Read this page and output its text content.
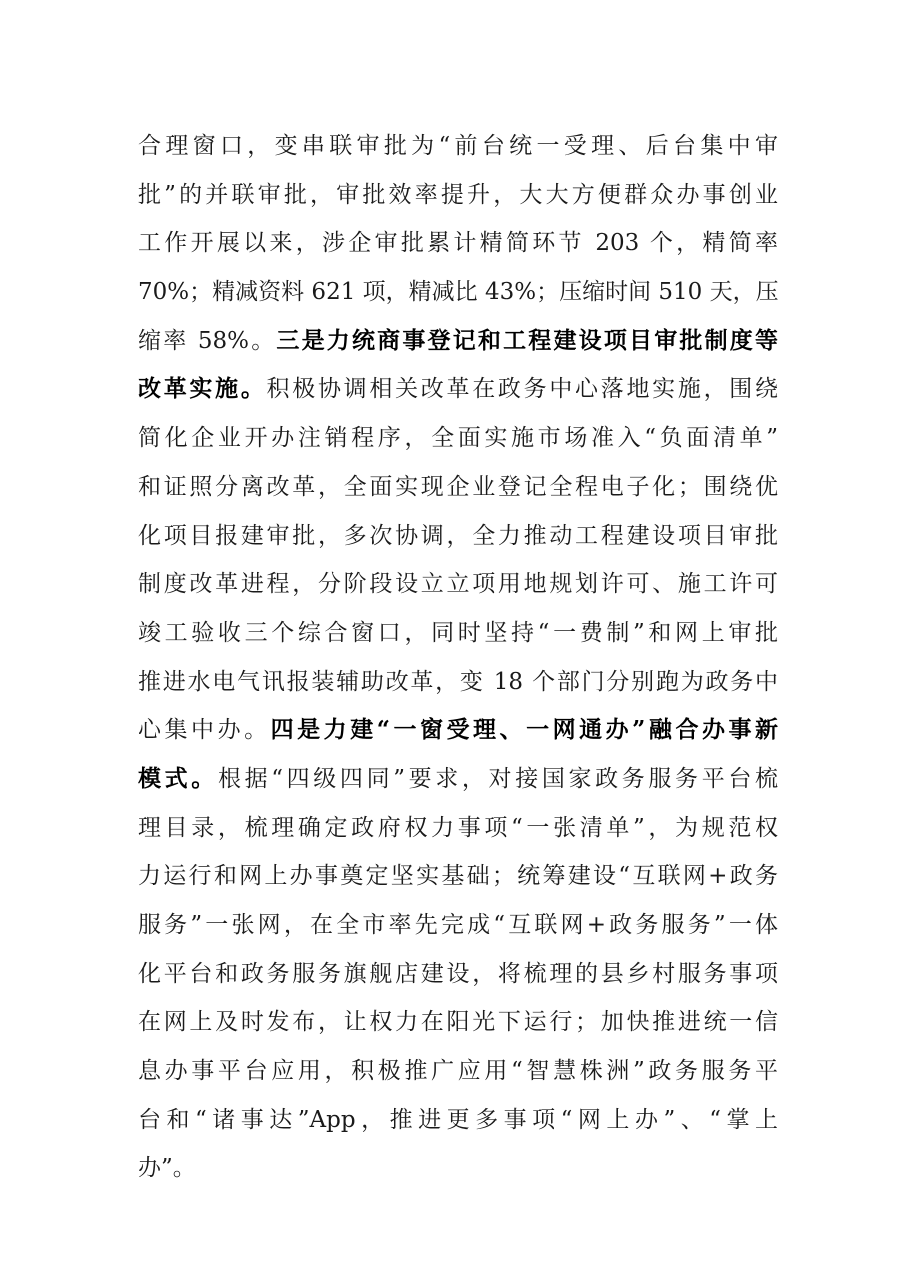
合理窗口，变串联审批为“前台统一受理、后台集中审
批”的并联审批，审批效率提升，大大方便群众办事创业
工作开展以来，涉企审批累计精简环节 203 个，精简率
70%；精减资料 621 项，精减比 43%；压缩时间 510 天，压
缩率 58%。三是力统商事登记和工程建设项目审批制度等
改革实施。积极协调相关改革在政务中心落地实施，围绕
简化企业开办注销程序，全面实施市场准入“负面清单”
和证照分离改革，全面实现企业登记全程电子化；围绕优
化项目报建审批，多次协调，全力推动工程建设项目审批
制度改革进程，分阶段设立立项用地规划许可、施工许可
竣工验收三个综合窗口，同时坚持“一费制”和网上审批
推进水电气讯报装辅助改革，变 18 个部门分别跑为政务中
心集中办。四是力建“一窗受理、一网通办”融合办事新
模式。根据“四级四同”要求，对接国家政务服务平台梳
理目录，梳理确定政府权力事项“一张清单”，为规范权
力运行和网上办事奠定坚实基础；统筹建设“互联网+政务
服务”一张网，在全市率先完成“互联网+政务服务”一体
化平台和政务服务旗舰店建设，将梳理的县乡村服务事项
在网上及时发布，让权力在阳光下运行；加快推进统一信
息办事平台应用，积极推广应用“智慧株洲”政务服务平
台和“诸事达”App，推进更多事项“网上办”、“掌上
办”。
